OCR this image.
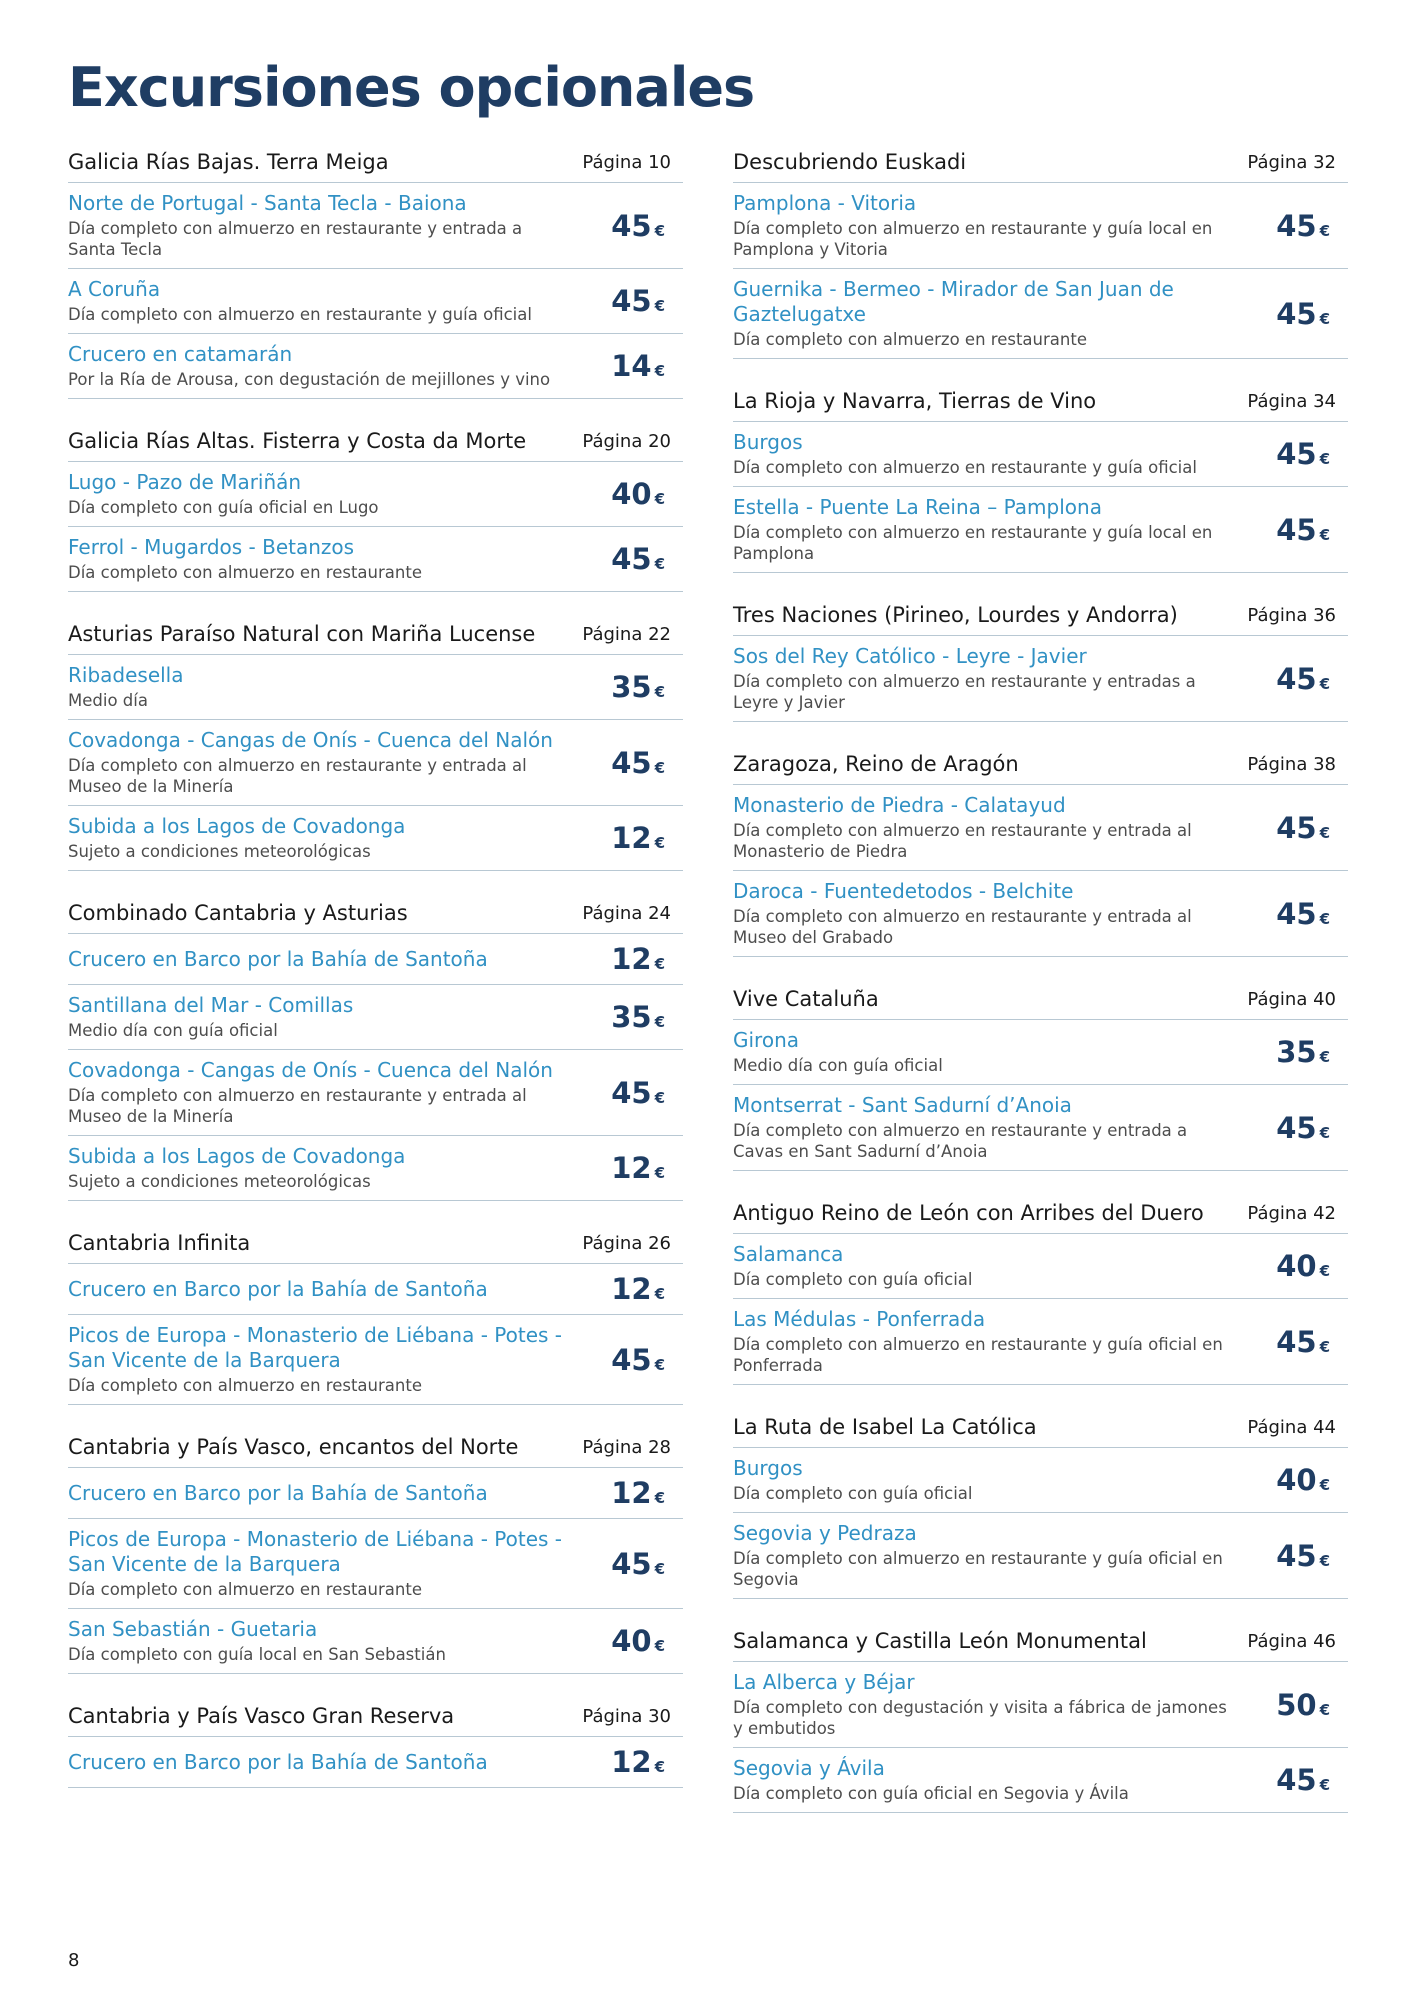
Excursiones opcionales
Galicia Rías Bajas. Terra Meiga	Página 10
Norte de Portugal - Santa Tecla - Baiona
Día completo con almuerzo en restaurante y entrada a Santa Tecla
45 €
A Coruña
Día completo con almuerzo en restaurante y guía oficial	45 €
Crucero en catamarán
Por la Ría de Arousa, con degustación de mejillones y vino	14 €
Galicia Rías Altas. Fisterra y Costa da Morte	Página 20
Lugo - Pazo de Mariñán
Día completo con guía oficial en Lugo	40 €
Ferrol - Mugardos - Betanzos
Día completo con almuerzo en restaurante	45 €
Asturias Paraíso Natural con Mariña Lucense	Página 22
Ribadesella
Medio día	35 €
Covadonga - Cangas de Onís - Cuenca del Nalón
Día completo con almuerzo en restaurante y entrada al Museo de la Minería
45 €
Subida a los Lagos de Covadonga
Sujeto a condiciones meteorológicas	12 €
Combinado Cantabria y Asturias	Página 24
Crucero en Barco por la Bahía de Santoña	12 €
Santillana del Mar - Comillas
Medio día con guía oficial	35 €
Covadonga - Cangas de Onís - Cuenca del Nalón
Día completo con almuerzo en restaurante y entrada al Museo de la Minería
45 €
Subida a los Lagos de Covadonga
Sujeto a condiciones meteorológicas	12 €
Cantabria Infinita	Página 26
Crucero en Barco por la Bahía de Santoña	12 €
Picos de Europa - Monasterio de Liébana - Potes - San Vicente de la Barquera
Día completo con almuerzo en restaurante
45 €
Cantabria y País Vasco, encantos del Norte	Página 28
Crucero en Barco por la Bahía de Santoña	12 €
Picos de Europa - Monasterio de Liébana - Potes - San Vicente de la Barquera
Día completo con almuerzo en restaurante
45 €
San Sebastián - Guetaria
Día completo con guía local en San Sebastián	40 €
Cantabria y País Vasco Gran Reserva	Página 30
Crucero en Barco por la Bahía de Santoña	12 €
Descubriendo Euskadi	Página 32
Pamplona - Vitoria
Día completo con almuerzo en restaurante y guía local en Pamplona y Vitoria
45 €
Guernika - Bermeo - Mirador de San Juan de Gaztelugatxe
Día completo con almuerzo en restaurante
45 €
La Rioja y Navarra, Tierras de Vino	Página 34
Burgos
Día completo con almuerzo en restaurante y guía oficial	45 €
Estella - Puente La Reina – Pamplona
Día completo con almuerzo en restaurante y guía local en Pamplona
45 €
Tres Naciones (Pirineo, Lourdes y Andorra)	Página 36
Sos del Rey Católico - Leyre - Javier
Día completo con almuerzo en restaurante y entradas a Leyre y Javier
45 €
Zaragoza, Reino de Aragón	Página 38
Monasterio de Piedra - Calatayud
Día completo con almuerzo en restaurante y entrada al Monasterio de Piedra
45 €
Daroca - Fuentedetodos - Belchite
Día completo con almuerzo en restaurante y entrada al Museo del Grabado
45 €
Vive Cataluña	Página 40
Girona
Medio día con guía oficial	35 €
Montserrat - Sant Sadurní d’Anoia
Día completo con almuerzo en restaurante y entrada a Cavas en Sant Sadurní d’Anoia
45 €
Antiguo Reino de León con Arribes del Duero Página 42
Salamanca
Día completo con guía oficial	40 €
Las Médulas - Ponferrada
Día completo con almuerzo en restaurante y guía oficial en Ponferrada
45 €
La Ruta de Isabel La Católica	Página 44
Burgos
Día completo con guía oficial	40 €
Segovia y Pedraza
Día completo con almuerzo en restaurante y guía oficial en Segovia
45 €
Salamanca y Castilla León Monumental	Página 46
La Alberca y Béjar
Día completo con degustación y visita a fábrica de jamones y embutidos
50 €
Segovia y Ávila
Día completo con guía oficial en Segovia y Ávila	45 €
8
